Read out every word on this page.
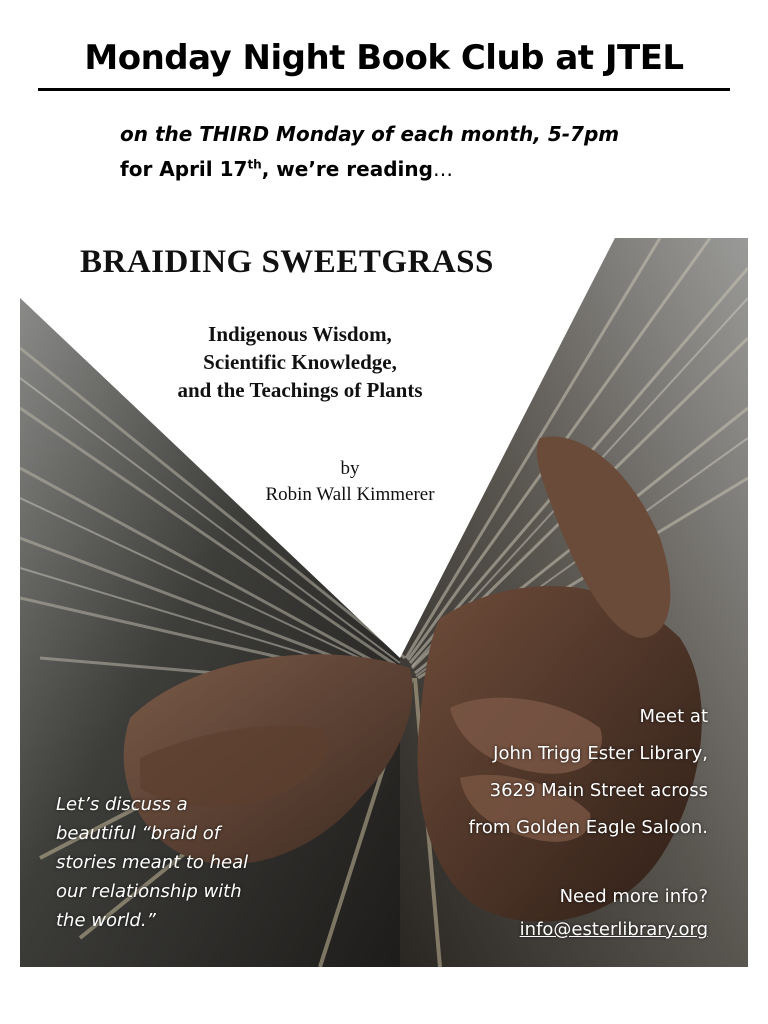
Monday Night Book Club at JTEL
on the THIRD Monday of each month, 5-7pm
for April 17th, we’re reading…
BRAIDING SWEETGRASS
Indigenous Wisdom,
Scientific Knowledge,
and the Teachings of Plants
by
Robin Wall Kimmerer
Let’s discuss a
beautiful “braid of
stories meant to heal
our relationship with
the world.”
Meet at
John Trigg Ester Library,
3629 Main Street across
from Golden Eagle Saloon.
Need more info?
info@esterlibrary.org
